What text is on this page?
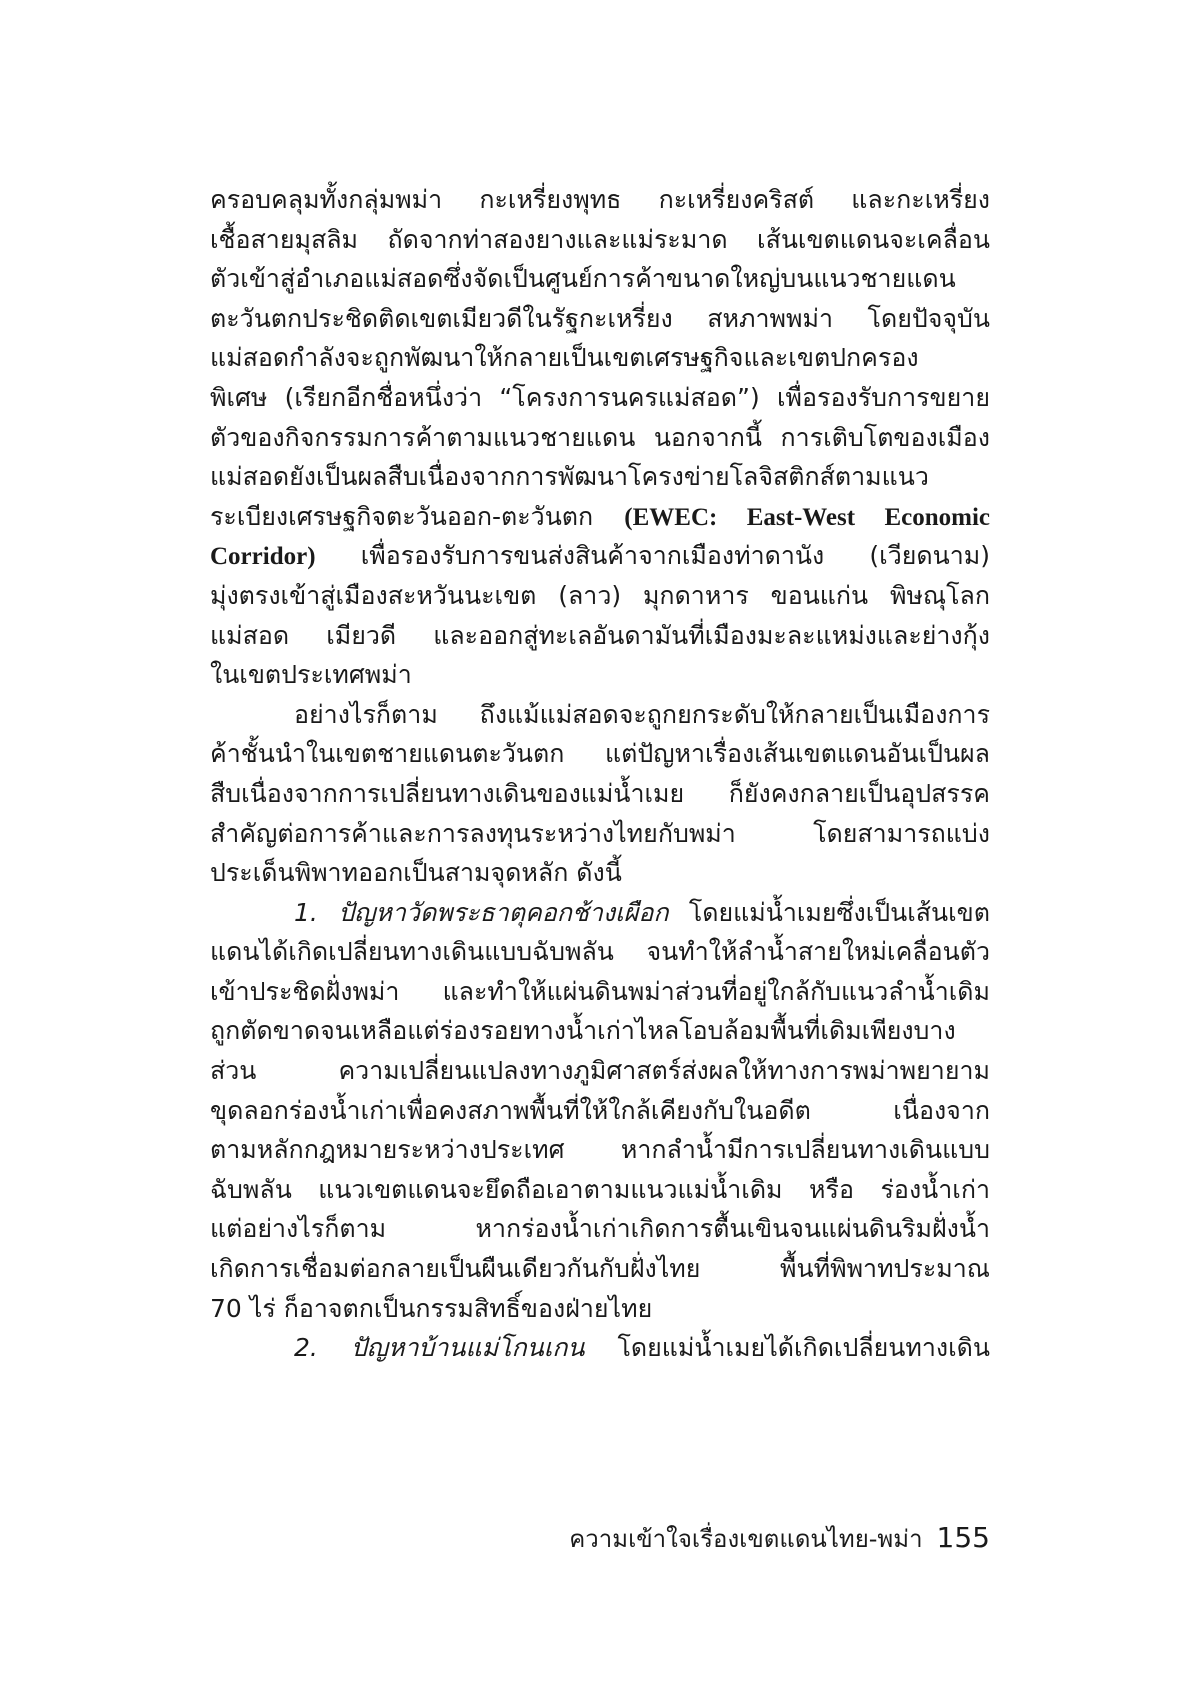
ครอบคลุมทั้งกลุ่มพม่า กะเหรี่ยงพุทธ กะเหรี่ยงคริสต์ และกะเหรี่ยง
เชื้อสายมุสลิม ถัดจากท่าสองยางและแม่ระมาด เส้นเขตแดนจะเคลื่อน
ตัวเข้าสู่อำเภอแม่สอดซึ่งจัดเป็นศูนย์การค้าขนาดใหญ่บนแนวชายแดน
ตะวันตกประชิดติดเขตเมียวดีในรัฐกะเหรี่ยง สหภาพพม่า โดยปัจจุบัน
แม่สอดกำลังจะถูกพัฒนาให้กลายเป็นเขตเศรษฐกิจและเขตปกครอง
พิเศษ (เรียกอีกชื่อหนึ่งว่า “โครงการนครแม่สอด”) เพื่อรองรับการขยาย
ตัวของกิจกรรมการค้าตามแนวชายแดน นอกจากนี้ การเติบโตของเมือง
แม่สอดยังเป็นผลสืบเนื่องจากการพัฒนาโครงข่ายโลจิสติกส์ตามแนว
ระเบียงเศรษฐกิจตะวันออก-ตะวันตก (EWEC: East-West Economic
Corridor) เพื่อรองรับการขนส่งสินค้าจากเมืองท่าดานัง (เวียดนาม)
มุ่งตรงเข้าสู่เมืองสะหวันนะเขต (ลาว) มุกดาหาร ขอนแก่น พิษณุโลก
แม่สอด เมียวดี และออกสู่ทะเลอันดามันที่เมืองมะละแหม่งและย่างกุ้ง
ในเขตประเทศพม่า
อย่างไรก็ตาม ถึงแม้แม่สอดจะถูกยกระดับให้กลายเป็นเมืองการ
ค้าชั้นนำในเขตชายแดนตะวันตก แต่ปัญหาเรื่องเส้นเขตแดนอันเป็นผล
สืบเนื่องจากการเปลี่ยนทางเดินของแม่น้ำเมย ก็ยังคงกลายเป็นอุปสรรค
สำคัญต่อการค้าและการลงทุนระหว่างไทยกับพม่า โดยสามารถแบ่ง
ประเด็นพิพาทออกเป็นสามจุดหลัก ดังนี้
1. ปัญหาวัดพระธาตุคอกช้างเผือก โดยแม่น้ำเมยซึ่งเป็นเส้นเขต
แดนได้เกิดเปลี่ยนทางเดินแบบฉับพลัน จนทำให้ลำน้ำสายใหม่เคลื่อนตัว
เข้าประชิดฝั่งพม่า และทำให้แผ่นดินพม่าส่วนที่อยู่ใกล้กับแนวลำน้ำเดิม
ถูกตัดขาดจนเหลือแต่ร่องรอยทางน้ำเก่าไหลโอบล้อมพื้นที่เดิมเพียงบาง
ส่วน ความเปลี่ยนแปลงทางภูมิศาสตร์ส่งผลให้ทางการพม่าพยายาม
ขุดลอกร่องน้ำเก่าเพื่อคงสภาพพื้นที่ให้ใกล้เคียงกับในอดีต เนื่องจาก
ตามหลักกฎหมายระหว่างประเทศ หากลำน้ำมีการเปลี่ยนทางเดินแบบ
ฉับพลัน แนวเขตแดนจะยึดถือเอาตามแนวแม่น้ำเดิม หรือ ร่องน้ำเก่า
แต่อย่างไรก็ตาม หากร่องน้ำเก่าเกิดการตื้นเขินจนแผ่นดินริมฝั่งน้ำ
เกิดการเชื่อมต่อกลายเป็นผืนเดียวกันกับฝั่งไทย พื้นที่พิพาทประมาณ
70 ไร่ ก็อาจตกเป็นกรรมสิทธิ์ของฝ่ายไทย
2. ปัญหาบ้านแม่โกนเกน โดยแม่น้ำเมยได้เกิดเปลี่ยนทางเดิน
ความเข้าใจเรื่องเขตแดนไทย-พม่า 155
